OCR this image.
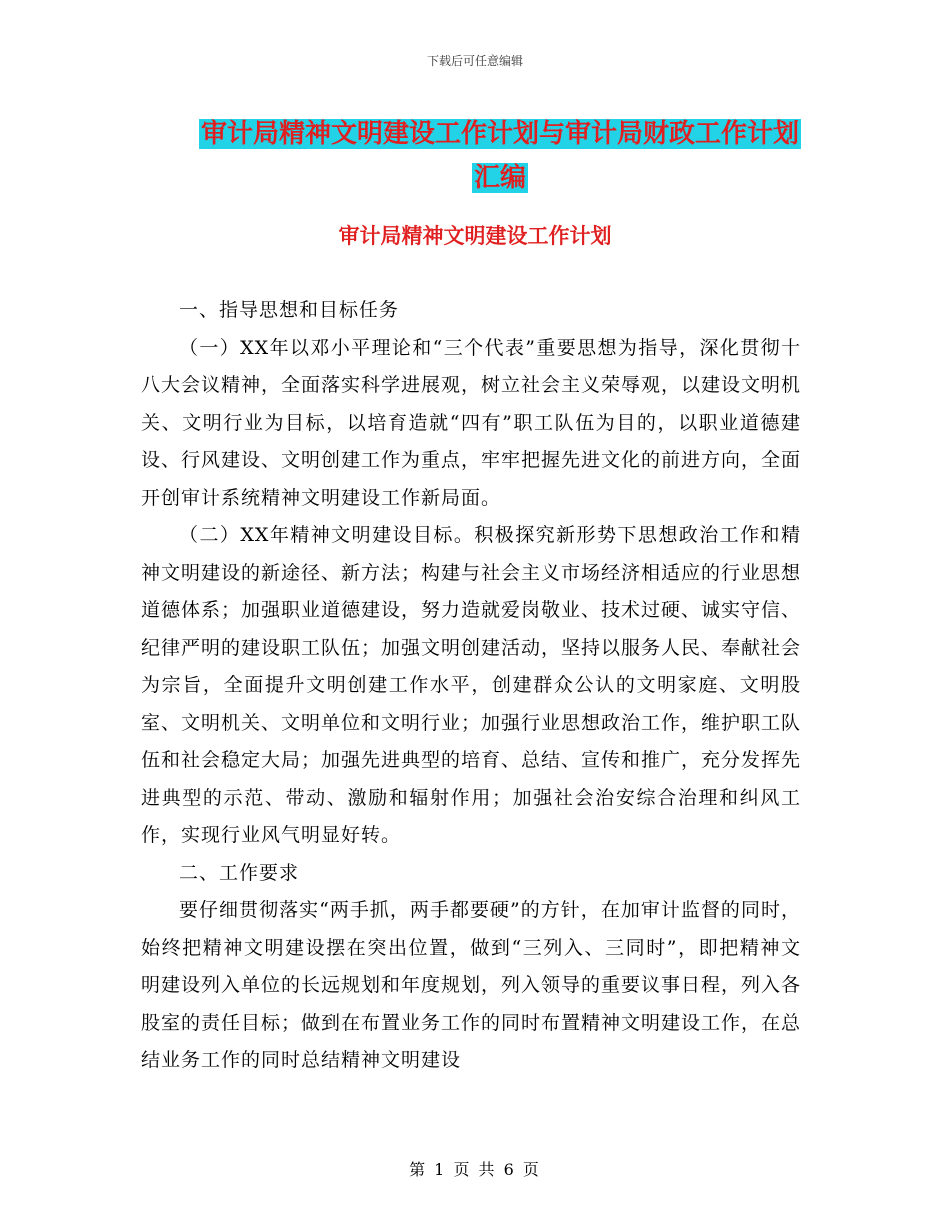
下载后可任意编辑
审计局精神文明建设工作计划与审计局财政工作计划
汇编
审计局精神文明建设工作计划

一、指导思想和目标任务

（一）XX年以邓小平理论和“三个代表”重要思想为指导，深化贯彻十八大会议精神，全面落实科学进展观，树立社会主义荣辱观，以建设文明机关、文明行业为目标，以培育造就“四有”职工队伍为目的，以职业道德建设、行风建设、文明创建工作为重点，牢牢把握先进文化的前进方向，全面开创审计系统精神文明建设工作新局面。

（二）XX年精神文明建设目标。积极探究新形势下思想政治工作和精神文明建设的新途径、新方法；构建与社会主义市场经济相适应的行业思想道德体系；加强职业道德建设，努力造就爱岗敬业、技术过硬、诚实守信、纪律严明的建设职工队伍；加强文明创建活动，坚持以服务人民、奉献社会为宗旨，全面提升文明创建工作水平，创建群众公认的文明家庭、文明股室、文明机关、文明单位和文明行业；加强行业思想政治工作，维护职工队伍和社会稳定大局；加强先进典型的培育、总结、宣传和推广，充分发挥先进典型的示范、带动、激励和辐射作用；加强社会治安综合治理和纠风工作，实现行业风气明显好转。

二、工作要求

要仔细贯彻落实“两手抓，两手都要硬”的方针，在加审计监督的同时，始终把精神文明建设摆在突出位置，做到“三列入、三同时”，即把精神文明建设列入单位的长远规划和年度规划，列入领导的重要议事日程，列入各股室的责任目标；做到在布置业务工作的同时布置精神文明建设工作，在总结业务工作的同时总结精神文明建设

第 1 页 共 6 页
